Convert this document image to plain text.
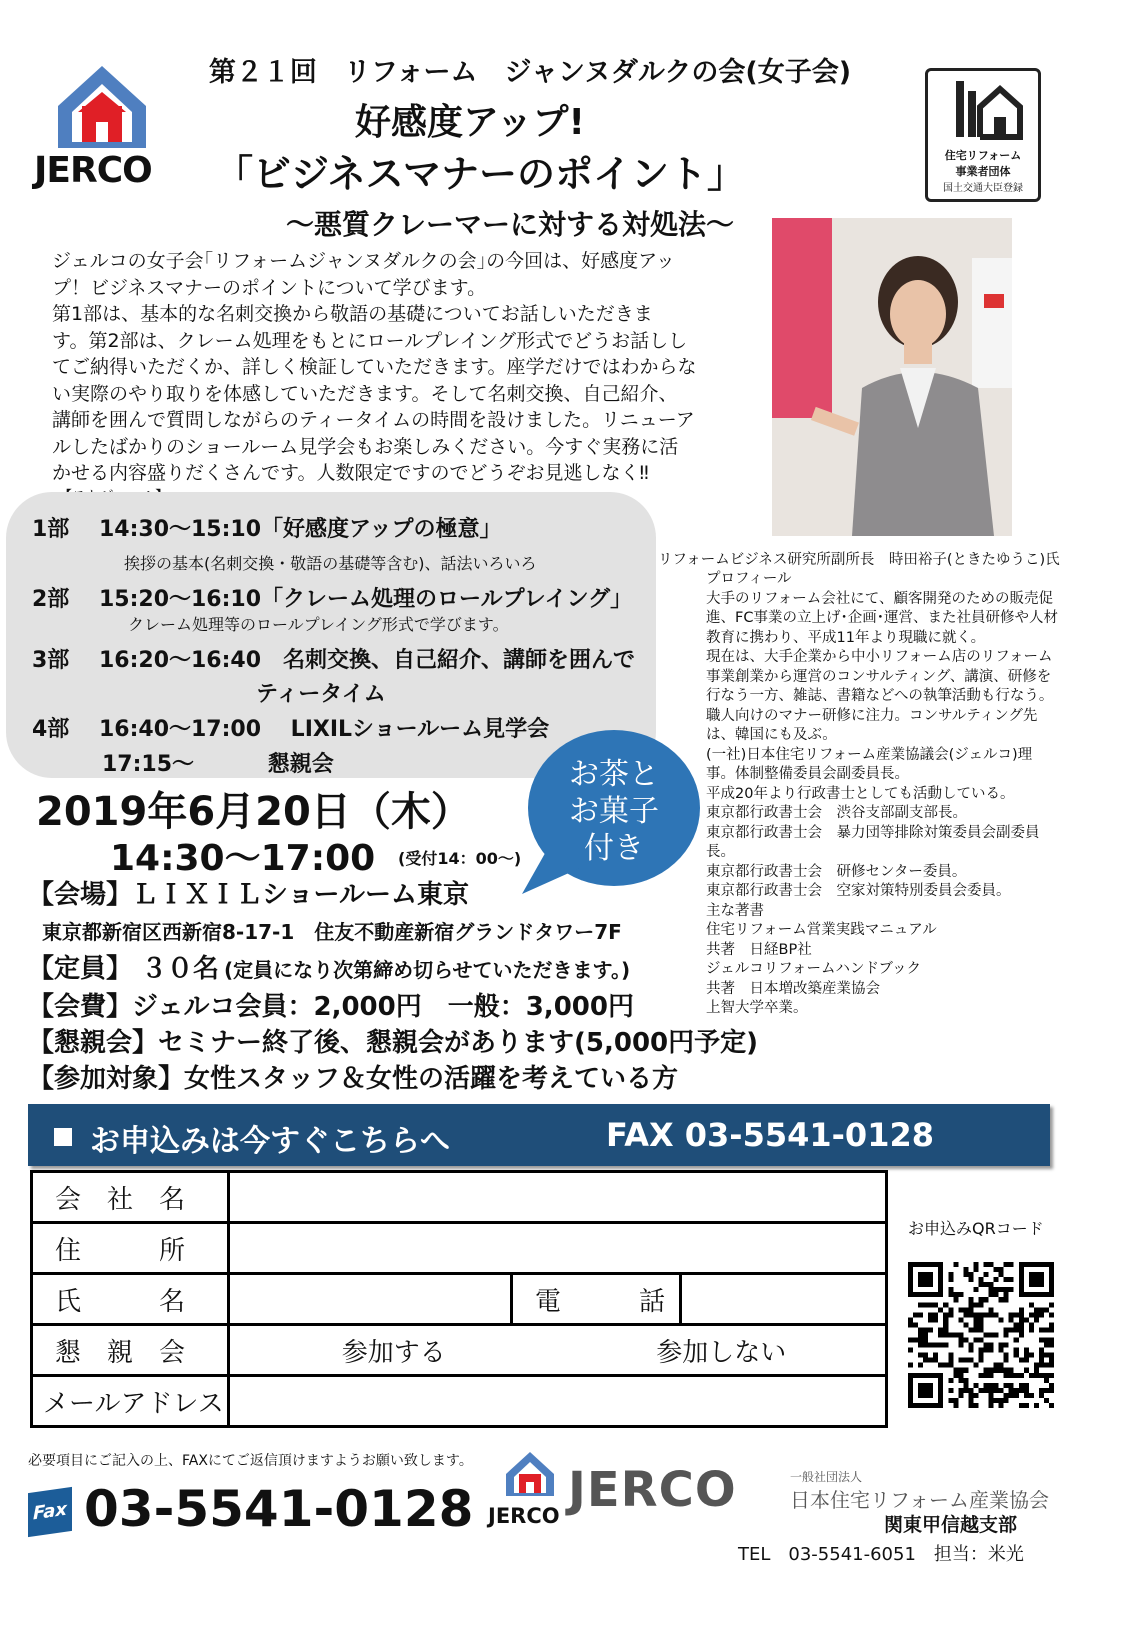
JERCO
第２１回　リフォーム　ジャンヌダルクの会(女子会)
好感度アップ!
「ビジネスマナーのポイント」
～悪質クレーマーに対する対処法～
住宅リフォーム
事業者団体
国土交通大臣登録

ジェルコの女子会｢リフォームジャンヌダルクの会｣の今回は、好感度アッ

プ！ビジネスマナーのポイントについて学びます。

第1部は、基本的な名刺交換から敬語の基礎についてお話しいただきま

す。第2部は、クレーム処理をもとにロールプレイング形式でどうお話しし

てご納得いただくか、詳しく検証していただきます。座学だけではわからな

い実際のやり取りを体感していただきます。そして名刺交換、自己紹介、

講師を囲んで質問しながらのティータイムの時間を設けました。リニューア

ルしたばかりのショールーム見学会もお楽しみください。今すぐ実務に活

かせる内容盛りだくさんです。人数限定ですのでどうぞお見逃しなく‼

1部　 14:30～15:10「好感度アップの極意」
挨拶の基本(名刺交換・敬語の基礎等含む)、話法いろいろ
2部　 15:20～16:10「クレーム処理のロールプレイング」
クレーム処理等のロールプレイング形式で学びます。
3部　 16:20～16:40　名刺交換、自己紹介、講師を囲んで
ティータイム
4部　 16:40～17:00　 LIXILショールーム見学会
17:15～　　　 懇親会	お茶と
お菓子
付き
2019年6月20日（木）
14:30～17:00 (受付14：00～)
【会場】ＬＩＸＩＬショールーム東京
東京都新宿区西新宿8-17-1　住友不動産新宿グランドタワー7F
【定員】 ３０名 (定員になり次第締め切らせていただきます。)
【会費】ジェルコ会員：2,000円　一般：3,000円
【懇親会】セミナー終了後、懇親会があります(5,000円予定)
【参加対象】女性スタッフ＆女性の活躍を考えている方
リフォームビジネス研究所副所長　時田裕子(ときたゆうこ)氏
プロフィール
大手のリフォーム会社にて、顧客開発のための販売促進、FC事業の立上げ･企画･運営、また社員研修や人材教育に携わり、平成11年より現職に就く。
現在は、大手企業から中小リフォーム店のリフォーム事業創業から運営のコンサルティング、講演、研修を行なう一方、雑誌、書籍などへの執筆活動も行なう。職人向けのマナー研修に注力。コンサルティング先は、韓国にも及ぶ。
(一社)日本住宅リフォーム産業協議会(ジェルコ)理事。体制整備委員会副委員長。
平成20年より行政書士としても活動している。
東京都行政書士会　渋谷支部副支部長。
東京都行政書士会　暴力団等排除対策委員会副委員長。
東京都行政書士会　研修センター委員。
東京都行政書士会　空家対策特別委員会委員。
主な著書
住宅リフォーム営業実践マニュアル
共著　日経BP社
ジェルコリフォームハンドブック
共著　日本増改築産業協会
上智大学卒業。
お申込みは今すぐこちらへ	FAX 03-5541-0128
会　社　名			
住　　　所			
氏　　　名		電　　　話	
懇　親　会	参加する 参加しない		

メールアドレス			
お申込みQRコード
必要項目にご記入の上、FAXにてご返信頂けますようお願い致します。
Fax 03-5541-0128 JERCO JERCO	一般社団法人
日本住宅リフォーム産業協会
関東甲信越支部
TEL　03-5541-6051　担当：米光
